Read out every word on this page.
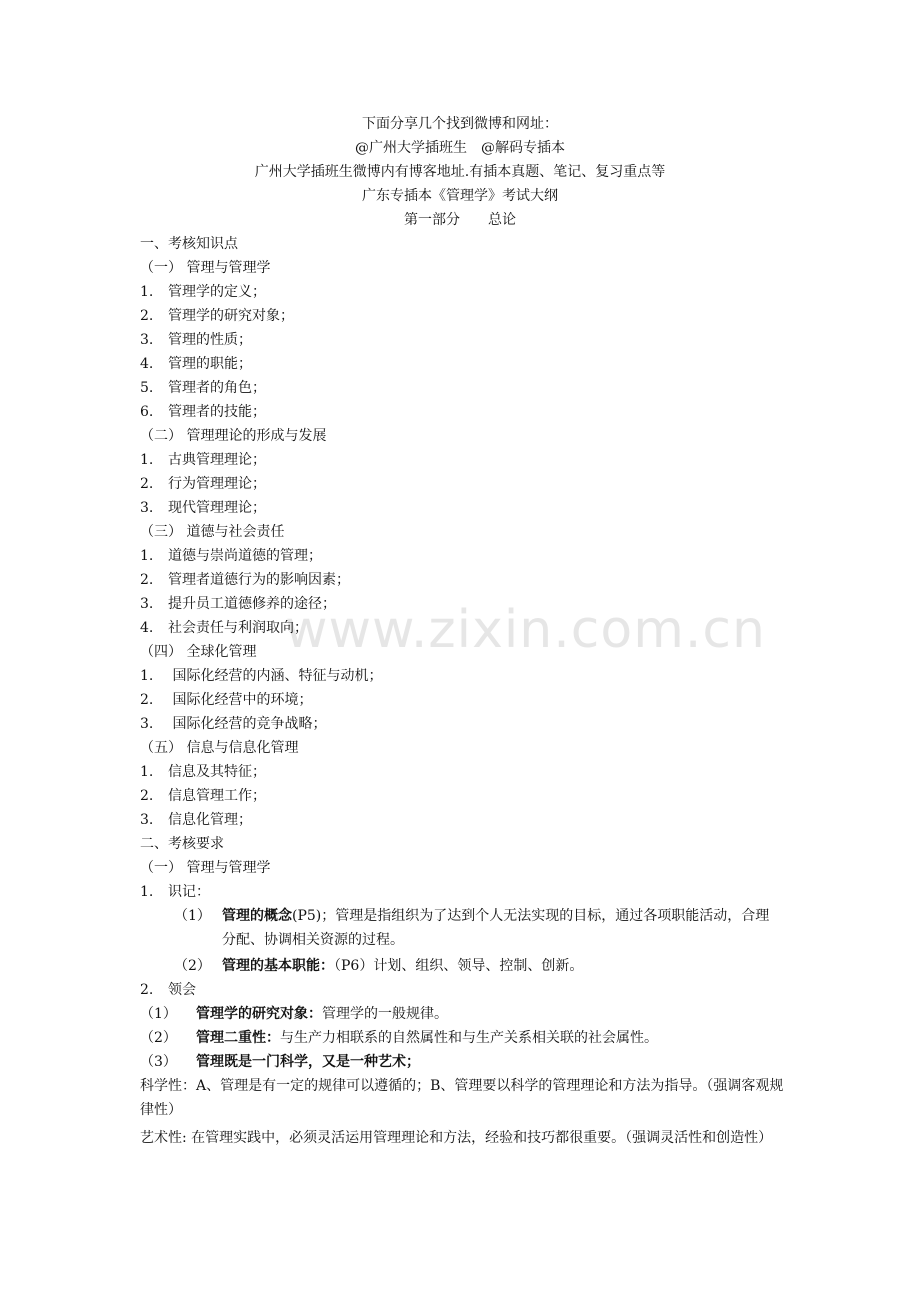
www.zixin.com.cn
下面分享几个找到微博和网址：
@广州大学插班生　@解码专插本
广州大学插班生微博内有博客地址.有插本真题、笔记、复习重点等
广东专插本《管理学》考试大纲
第一部分　　总论
一、考核知识点
（一） 管理与管理学
1. 管理学的定义；
2. 管理学的研究对象；
3. 管理的性质；
4. 管理的职能；
5. 管理者的角色；
6. 管理者的技能；
（二） 管理理论的形成与发展
1. 古典管理理论；
2. 行为管理理论；
3. 现代管理理论；
（三） 道德与社会责任
1. 道德与崇尚道德的管理；
2. 管理者道德行为的影响因素；
3. 提升员工道德修养的途径；
4. 社会责任与利润取向；
（四） 全球化管理
1. 国际化经营的内涵、特征与动机；
2. 国际化经营中的环境；
3. 国际化经营的竞争战略；
（五） 信息与信息化管理
1. 信息及其特征；
2. 信息管理工作；
3. 信息化管理；
二、考核要求
（一） 管理与管理学
1. 识记：
（1） 管理的概念(P5)；管理是指组织为了达到个人无法实现的目标，通过各项职能活动，合理分配、协调相关资源的过程。
（2） 管理的基本职能：（P6）计划、组织、领导、控制、创新。
2. 领会
（1） 管理学的研究对象：管理学的一般规律。
（2） 管理二重性：与生产力相联系的自然属性和与生产关系相关联的社会属性。
（3） 管理既是一门科学，又是一种艺术；
科学性：A、管理是有一定的规律可以遵循的；B、管理要以科学的管理理论和方法为指导。（强调客观规律性）
艺术性: 在管理实践中，必须灵活运用管理理论和方法，经验和技巧都很重要。（强调灵活性和创造性）
